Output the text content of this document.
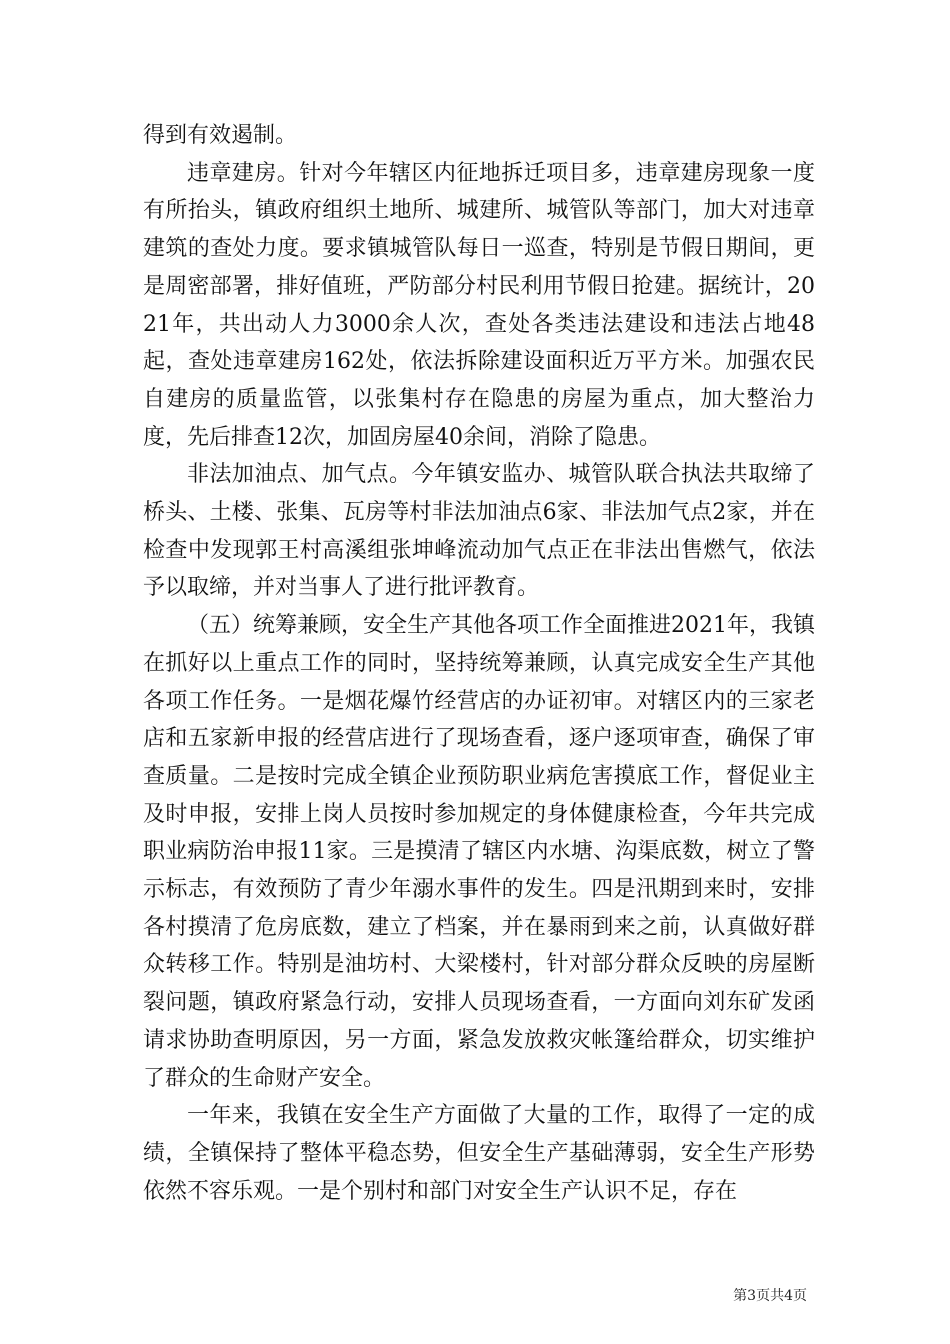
得到有效遏制。

违章建房。针对今年辖区内征地拆迁项目多，违章建房现象一度有所抬头，镇政府组织土地所、城建所、城管队等部门，加大对违章建筑的查处力度。要求镇城管队每日一巡查，特别是节假日期间，更是周密部署，排好值班，严防部分村民利用节假日抢建。据统计，2021年，共出动人力3000余人次，查处各类违法建设和违法占地48起，查处违章建房162处，依法拆除建设面积近万平方米。加强农民自建房的质量监管，以张集村存在隐患的房屋为重点，加大整治力度，先后排查12次，加固房屋40余间，消除了隐患。

非法加油点、加气点。今年镇安监办、城管队联合执法共取缔了桥头、土楼、张集、瓦房等村非法加油点6家、非法加气点2家，并在检查中发现郭王村高溪组张坤峰流动加气点正在非法出售燃气，依法予以取缔，并对当事人了进行批评教育。

（五）统筹兼顾，安全生产其他各项工作全面推进2021年，我镇在抓好以上重点工作的同时，坚持统筹兼顾，认真完成安全生产其他各项工作任务。一是烟花爆竹经营店的办证初审。对辖区内的三家老店和五家新申报的经营店进行了现场查看，逐户逐项审查，确保了审查质量。二是按时完成全镇企业预防职业病危害摸底工作，督促业主及时申报，安排上岗人员按时参加规定的身体健康检查，今年共完成职业病防治申报11家。三是摸清了辖区内水塘、沟渠底数，树立了警示标志，有效预防了青少年溺水事件的发生。四是汛期到来时，安排各村摸清了危房底数，建立了档案，并在暴雨到来之前，认真做好群众转移工作。特别是油坊村、大梁楼村，针对部分群众反映的房屋断裂问题，镇政府紧急行动，安排人员现场查看，一方面向刘东矿发函请求协助查明原因，另一方面，紧急发放救灾帐篷给群众，切实维护了群众的生命财产安全。

一年来，我镇在安全生产方面做了大量的工作，取得了一定的成绩，全镇保持了整体平稳态势，但安全生产基础薄弱，安全生产形势依然不容乐观。一是个别村和部门对安全生产认识不足，存在

第3页共4页
